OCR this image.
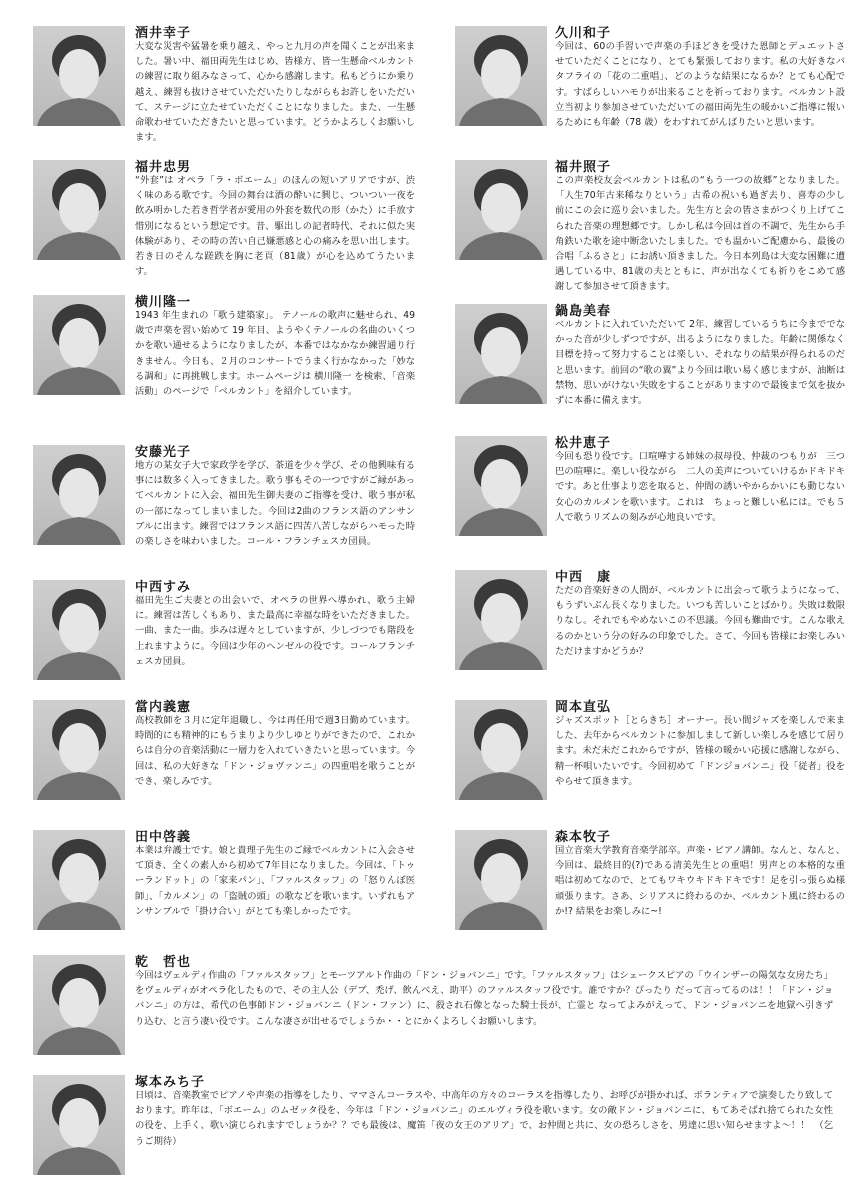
酒井幸子

大変な災害や猛暑を乗り越え、やっと九月の声を聞くことが出来ました。暑い中、福田両先生はじめ、皆様方、皆一生懸命ベルカントの練習に取り組みなさって、心から感謝します。私もどうにか乗り越え、練習も抜けさせていただいたりしながらもお許しをいただいて、ステージに立たせていただくことになりました。また、一生懸命歌わせていただきたいと思っています。どうかよろしくお願いします。

久川和子

今回は、60の手習いで声楽の手ほどきを受けた恩師とデュエットさせていただくことになり、とても緊張しております。私の大好きなバタフライの「花の二重唱」、どのような結果になるか？とても心配です。すばらしいハモりが出来ることを祈っております。ベルカント設立当初より参加させていただいての福田両先生の暖かいご指導に報いるためにも年齢（78 歳）をわすれてがんばりたいと思います。

福井忠男

“外套”は オペラ「ラ・ボエーム」のほんの短いアリアですが、渋く味のある歌です。今回の舞台は酒の酔いに興じ、ついつい一夜を飲み明かした若き哲学者が愛用の外套を数代の形（かた）に手放す惜別になるという想定です。昔、駆出しの記者時代、それに似た実体験があり、その時の苦い自己嫌悪感と心の痛みを思い出します。若き日のそんな蹉跌を胸に老頁（81歳）が心を込めてうたいます。

福井照子

この声楽校友会ベルカントは私の“もう一つの故郷”となりました。「人生70年古来稀なりという」古希の祝いも過ぎ去り、喜寿の少し前にこの会に巡り会いました。先生方と会の皆さまがつくり上げてこられた音楽の理想郷です。しかし私は今回は首の不調で、先生から手角鉄いた歌を途中断念いたしました。でも温かいご配慮から、最後の合唱「ふるさと」にお誘い頂きました。今日本列島は大変な困難に遭遇している中、81歳の夫とともに、声が出なくても祈りをこめて感謝して参加させて頂きます。

横川隆一

1943 年生まれの「歌う建築家」。 テノールの歌声に魅せられ、49 歳で声楽を習い始めて 19 年目、ようやくテノールの名曲のいくつかを歌い通せるようになりましたが、本番ではなかなか練習通り行きません。今日も、２月のコンサートでうまく行かなかった「妙なる調和」に再挑戦します。ホームページは 横川隆一 を検索、「音楽活動」のページで「ベルカント」を紹介しています。

鍋島美春

ベルカントに入れていただいて 2年、練習しているうちに今まででなかった音が少しずつですが、出るようになりました。年齢に関係なく目標を持って努力することは楽しい、それなりの結果が得られるのだと思います。前回の“歌の翼”より今回は歌い易く感じますが、油断は禁物、思いがけない失敗をすることがありますので最後まで気を抜かずに本番に備えます。

安藤光子

地方の某女子大で家政学を学び、茶道を少々学び、その他興味有る事には数多く入ってきました。歌う事もその一つですがご縁があってベルカントに入会、福田先生御夫妻のご指導を受け、歌う事が私の一部になってしまいました。今回は2曲のフランス語のアンサンブルに出ます。練習ではフランス語に四苦八苦しながらハモった時の楽しさを味わいました。コール・フランチェスカ団員。

松井恵子

今回も恐り役です。口喧嘩する姉妹の叔母役、仲裁のつもりが　三つ巴の喧嘩に。楽しい役ながら　二人の美声についていけるかドキドキです。あと仕事より恋を取ると、仲間の誘いやからかいにも動じない女心のカルメンを歌います。これは　ちょっと難しい私には。でも５人で歌うリズムの刻みが心地良いです。

中西すみ

福田先生ご夫妻との出会いで、オペラの世界へ導かれ、歌う主婦に。練習は苦しくもあり、また最高に幸福な時をいただきました。一曲、また一曲。歩みは遅々としていますが、少しづつでも階段を上れますように。今回は少年のヘンゼルの役です。コールフランチェスカ団員。

中西　康

ただの音楽好きの人間が、ベルカントに出会って歌うようになって、もうずいぶん長くなりました。いつも苦しいことばかり。失敗は数限りなし。それでもやめないこの不思議。今回も難曲です。こんな歌えるのかという分の好みの印象でした。さて、今回も皆様にお楽しみいただけますかどうか？

當内義憲

高校教師を３月に定年退職し、今は再任用で週3日勤めています。時間的にも精神的にもうまりより少しゆとりができたので、これからは自分の音楽活動に一層力を入れていきたいと思っています。今回は、私の大好きな「ドン・ジョヴァンニ」の四重唱を歌うことができ、楽しみです。

岡本直弘

ジャズスポット［とらきち］オーナー。長い間ジャズを楽しんで来ました、去年からベルカントに参加しまして新しい楽しみを感じて居ります。未だ未だこれからですが、皆様の暖かい応援に感謝しながら、精一杯唄いたいです。今回初めて「ドンジョバンニ」役「従者」役をやらせて頂きます。

田中啓義

本業は弁護士です。娘と貴理子先生のご縁でベルカントに入会させて頂き、全くの素人から初めて7年目になりました。今回は、「トゥーランドット」の「家来パン」、「ファルスタッフ」の「怒りんぼ医師」、「カルメン」の「盗賊の頭」の歌などを歌います。いずれもアンサンブルで「掛け合い」がとても楽しかったです。

森本牧子

国立音楽大学教育音楽学部卒。声楽・ピアノ講師。なんと、なんと、今回は、最終目的(?)である清美先生との重唱！男声との本格的な重唱は初めてなので、とてもワキウキドキドキです！足を引っ張らぬ様頑張ります。さあ、シリアスに終わるのか、ベルカント風に終わるのか!? 結果をお楽しみに~!

乾　哲也

今回はヴェルディ作曲の「ファルスタッフ」とモーツアルト作曲の「ドン・ジョバンニ」です。「ファルスタッフ」はシェークスピアの「ウインザーの陽気な女房たち」をヴェルディがオペラ化したもので、その主人公（デブ、禿げ、飲んべえ、助平）のファルスタッフ役です。誰ですか？ぴったり だって言ってるのは！！「ドン・ジョバンニ」の方は、希代の色事師ドン・ジョバンニ（ドン・ファン）に、殺され石像となった騎士長が、亡霊と なってよみがえって、ドン・ジョバンニを地獄へ引きずり込む、と言う凄い役です。こんな凄さが出せるでしょうか・・とにかくよろしくお願いします。

塚本みち子

日頃は、音楽教室でピアノや声楽の指導をしたり、ママさんコーラスや、中高年の方々のコーラスを指導したり、お呼びが掛かれば、ボランティアで演奏したり致しております。昨年は、「ボエーム」のムゼッタ役を、今年は「ドン・ジョバンニ」のエルヴィラ役を歌います。女の敵ドン・ジョバンニに、もてあそばれ捨てられた女性の役を、上手く、歌い演じられますでしょうか？？でも最後は、魔笛「夜の女王のアリア」で、お仲間と共に、女の恐ろしさを、男達に思い知らせますよ～！！　（乞うご期待）
